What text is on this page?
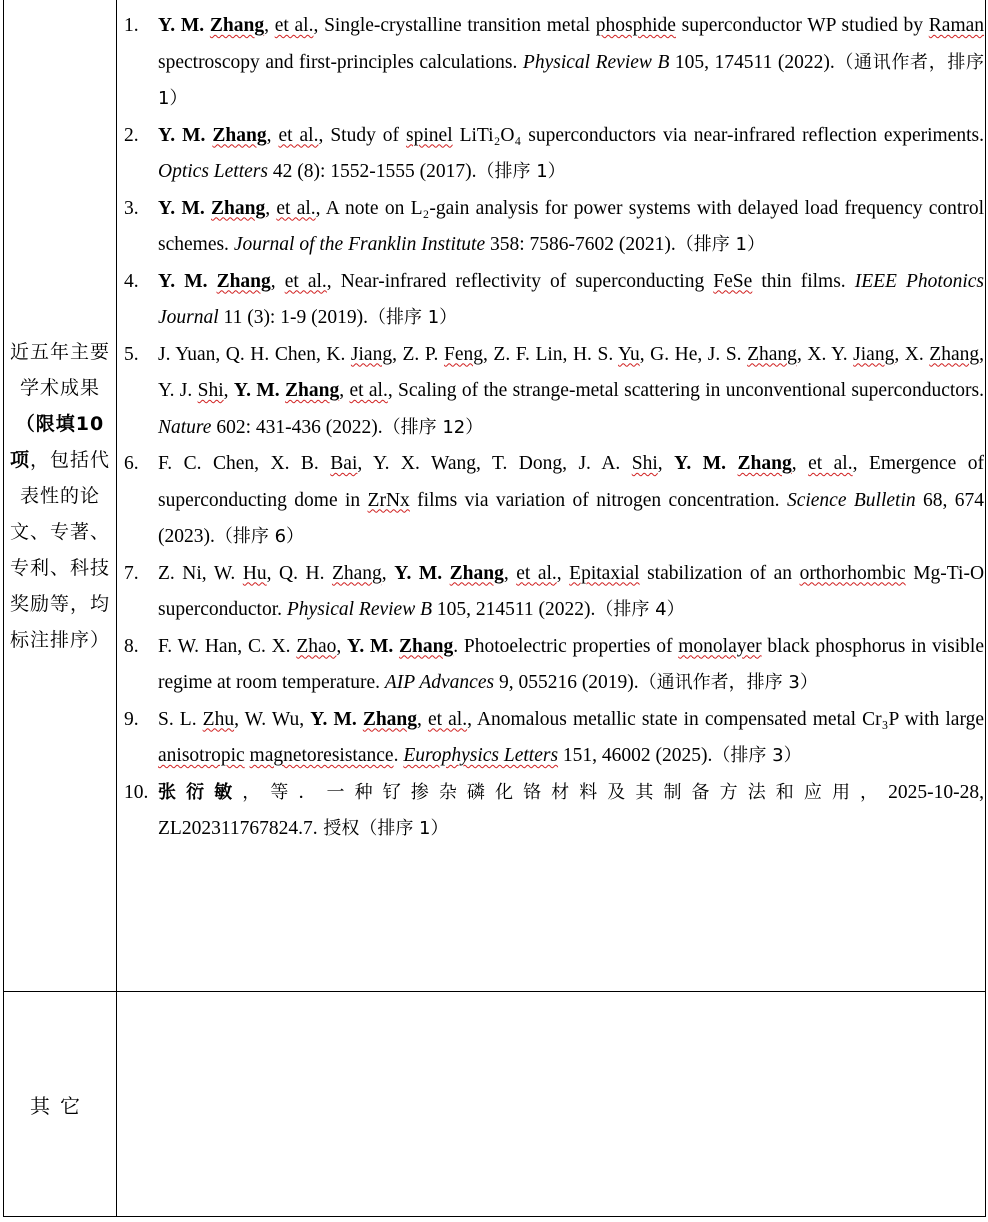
近五年主要学术成果（限填10项，包括代表性的论文、专著、专利、科技奖励等，均标注排序）
1. Y. M. Zhang, et al., Single-crystalline transition metal phosphide superconductor WP studied by Raman spectroscopy and first-principles calculations. Physical Review B 105, 174511 (2022).（通讯作者，排序 1）
2. Y. M. Zhang, et al., Study of spinel LiTi₂O₄ superconductors via near-infrared reflection experiments. Optics Letters 42 (8): 1552-1555 (2017).（排序 1）
3. Y. M. Zhang, et al., A note on L₂-gain analysis for power systems with delayed load frequency control schemes. Journal of the Franklin Institute 358: 7586-7602 (2021).（排序 1）
4. Y. M. Zhang, et al., Near-infrared reflectivity of superconducting FeSe thin films. IEEE Photonics Journal 11 (3): 1-9 (2019).（排序 1）
5. J. Yuan, Q. H. Chen, K. Jiang, Z. P. Feng, Z. F. Lin, H. S. Yu, G. He, J. S. Zhang, X. Y. Jiang, X. Zhang, Y. J. Shi, Y. M. Zhang, et al., Scaling of the strange-metal scattering in unconventional superconductors. Nature 602: 431-436 (2022).（排序 12）
6. F. C. Chen, X. B. Bai, Y. X. Wang, T. Dong, J. A. Shi, Y. M. Zhang, et al., Emergence of superconducting dome in ZrNx films via variation of nitrogen concentration. Science Bulletin 68, 674 (2023).（排序 6）
7. Z. Ni, W. Hu, Q. H. Zhang, Y. M. Zhang, et al., Epitaxial stabilization of an orthorhombic Mg-Ti-O superconductor. Physical Review B 105, 214511 (2022).（排序 4）
8. F. W. Han, C. X. Zhao, Y. M. Zhang. Photoelectric properties of monolayer black phosphorus in visible regime at room temperature. AIP Advances 9, 055216 (2019).（通讯作者，排序 3）
9. S. L. Zhu, W. Wu, Y. M. Zhang, et al., Anomalous metallic state in compensated metal Cr₃P with large anisotropic magnetoresistance. Europhysics Letters 151, 46002 (2025).（排序 3）
10. 张衍敏，等．一种钌掺杂磷化铬材料及其制备方法和应用，2025-10-28, ZL202311767824.7. 授权（排序 1）
其它
